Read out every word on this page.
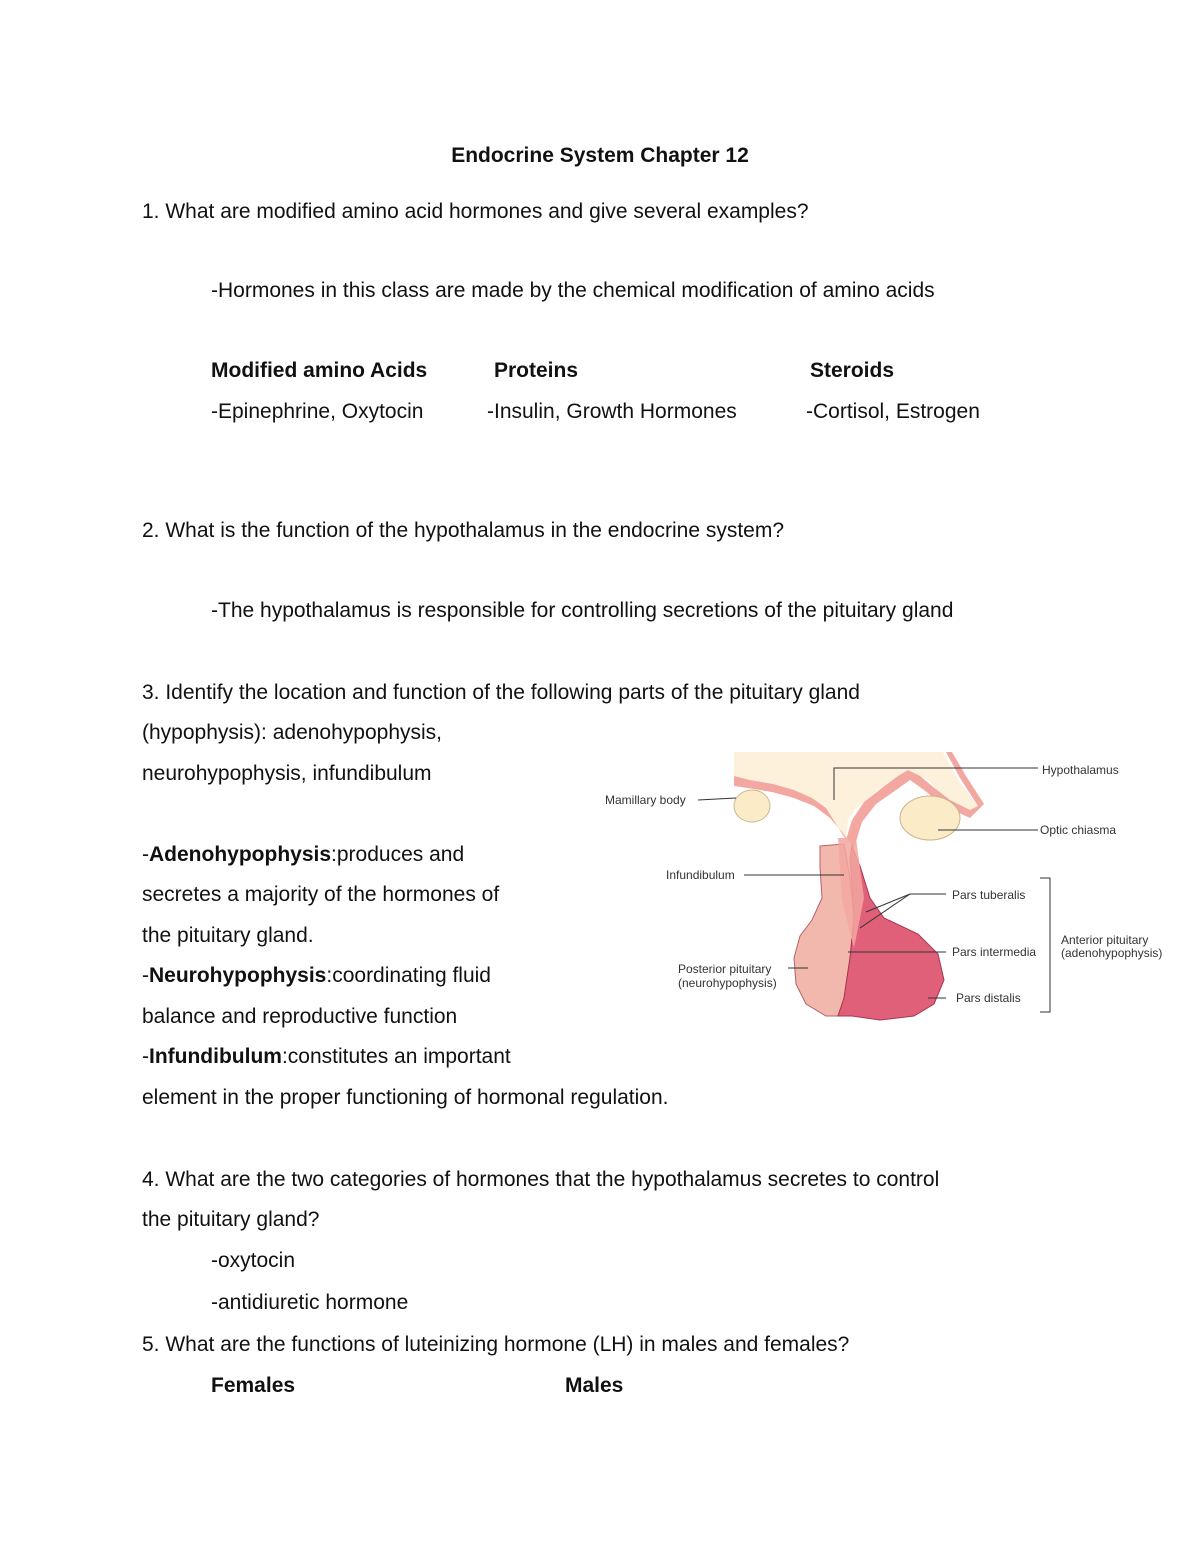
Endocrine System Chapter 12
1. What are modified amino acid hormones and give several examples?
-Hormones in this class are made by the chemical modification of amino acids
Modified amino Acids	Proteins	Steroids
-Epinephrine, Oxytocin	-Insulin, Growth Hormones	-Cortisol, Estrogen
2. What is the function of the hypothalamus in the endocrine system?
-The hypothalamus is responsible for controlling secretions of the pituitary gland
3. Identify the location and function of the following parts of the pituitary gland
(hypophysis): adenohypophysis,
neurohypophysis, infundibulum
-Adenohypophysis:produces and
secretes a majority of the hormones of
the pituitary gland.
-Neurohypophysis:coordinating fluid
balance and reproductive function
-Infundibulum:constitutes an important
element in the proper functioning of hormonal regulation.
Hypothalamus
Mamillary body
Optic chiasma
Infundibulum
Pars tuberalis
Pars intermedia
Pars distalis
Posterior pituitary
(neurohypophysis)
Anterior pituitary
(adenohypophysis)
4. What are the two categories of hormones that the hypothalamus secretes to control
the pituitary gland?
-oxytocin
-antidiuretic hormone
5. What are the functions of luteinizing hormone (LH) in males and females?
Females	Males
